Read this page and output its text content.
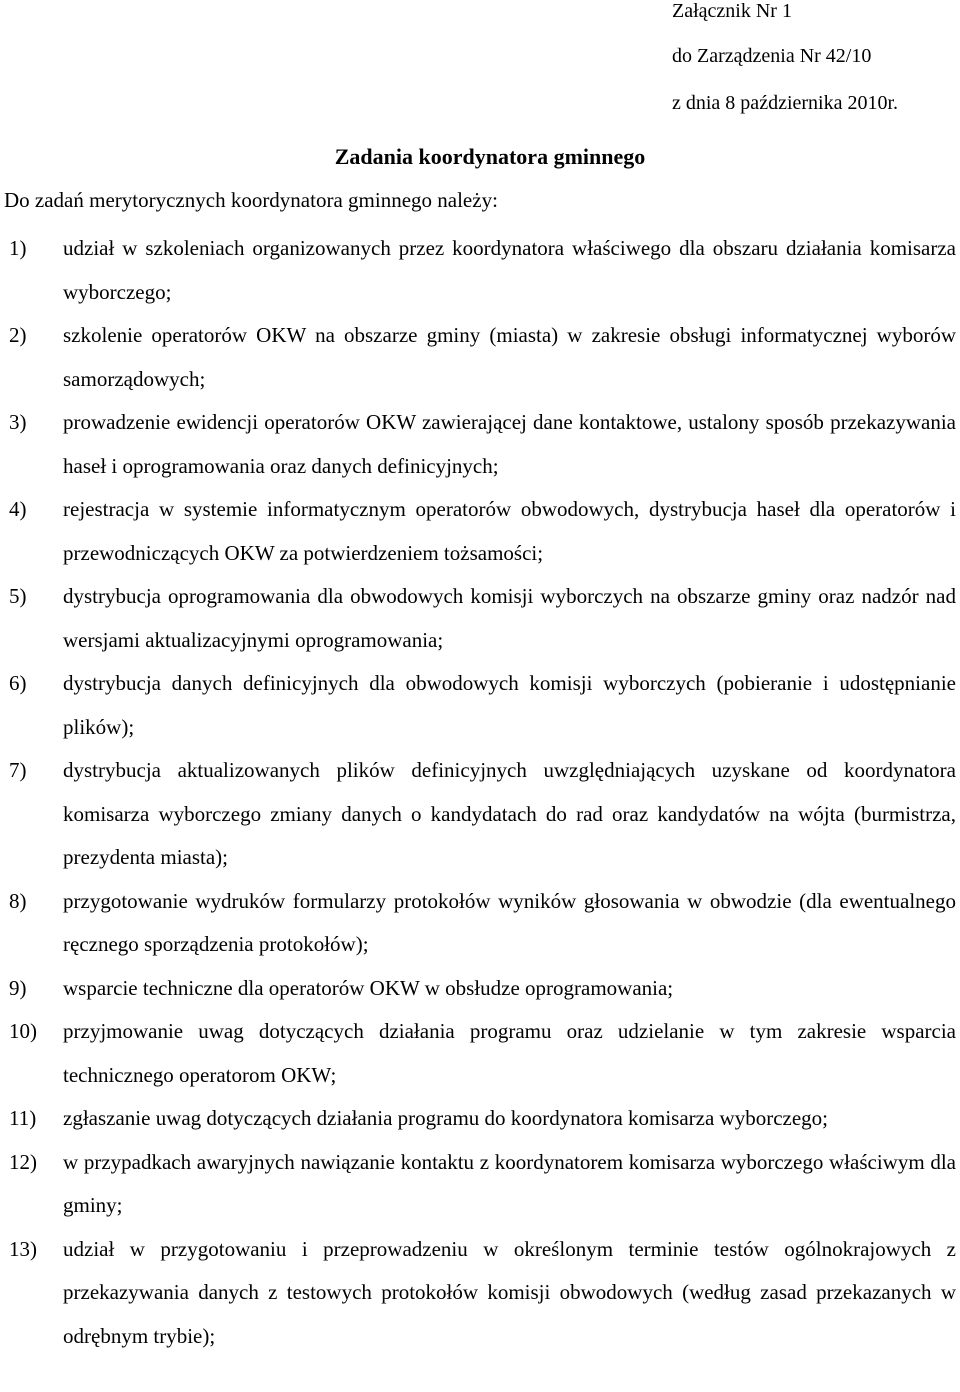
Załącznik Nr 1
do Zarządzenia Nr 42/10
z dnia 8 października 2010r.
Zadania koordynatora gminnego
Do zadań merytorycznych koordynatora gminnego należy:
1)	udział w szkoleniach organizowanych przez koordynatora właściwego dla obszaru działania komisarza wyborczego;
2)	szkolenie operatorów OKW na obszarze gminy (miasta) w zakresie obsługi informatycznej wyborów samorządowych;
3)	prowadzenie ewidencji operatorów OKW zawierającej dane kontaktowe, ustalony sposób przekazywania haseł i oprogramowania oraz danych definicyjnych;
4)	rejestracja w systemie informatycznym operatorów obwodowych, dystrybucja haseł dla operatorów i przewodniczących OKW za potwierdzeniem tożsamości;
5)	dystrybucja oprogramowania dla obwodowych komisji wyborczych na obszarze gminy oraz nadzór nad wersjami aktualizacyjnymi oprogramowania;
6)	dystrybucja danych definicyjnych dla obwodowych komisji wyborczych (pobieranie i udostępnianie plików);
7)	dystrybucja aktualizowanych plików definicyjnych uwzględniających uzyskane od koordynatora komisarza wyborczego zmiany danych o kandydatach do rad oraz kandydatów na wójta (burmistrza, prezydenta miasta);
8)	przygotowanie wydruków formularzy protokołów wyników głosowania w obwodzie (dla ewentualnego ręcznego sporządzenia protokołów);
9)	wsparcie techniczne dla operatorów OKW w obsłudze oprogramowania;
10)	przyjmowanie uwag dotyczących działania programu oraz udzielanie w tym zakresie wsparcia technicznego operatorom OKW;
11)	zgłaszanie uwag dotyczących działania programu do koordynatora komisarza wyborczego;
12)	w przypadkach awaryjnych nawiązanie kontaktu z koordynatorem komisarza wyborczego właściwym dla gminy;
13)	udział w przygotowaniu i przeprowadzeniu w określonym terminie testów ogólnokrajowych z przekazywania danych z testowych protokołów komisji obwodowych (według zasad przekazanych w odrębnym trybie);
